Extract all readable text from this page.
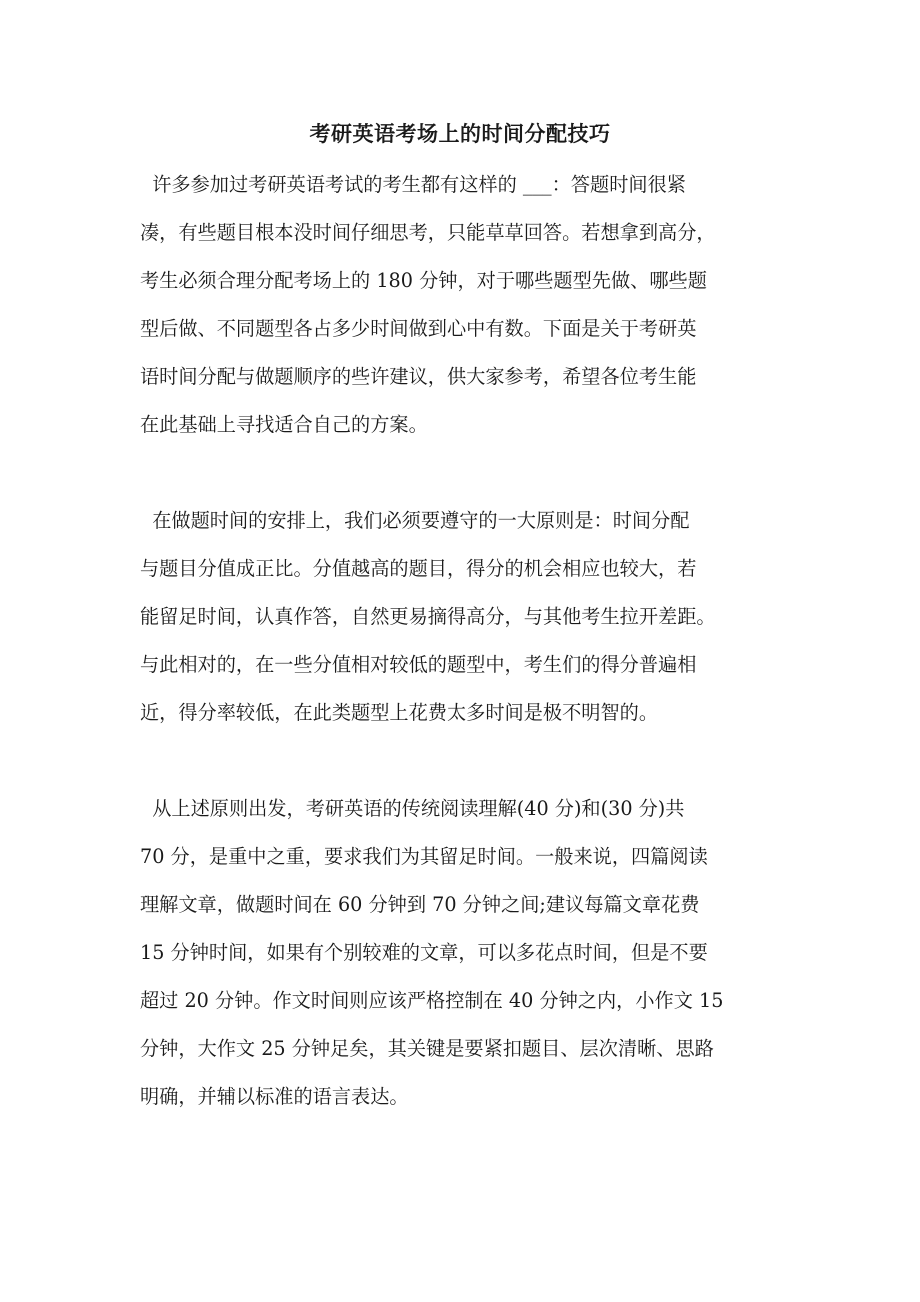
考研英语考场上的时间分配技巧
许多参加过考研英语考试的考生都有这样的 ___：答题时间很紧
凑，有些题目根本没时间仔细思考，只能草草回答。若想拿到高分，
考生必须合理分配考场上的 180 分钟，对于哪些题型先做、哪些题
型后做、不同题型各占多少时间做到心中有数。下面是关于考研英
语时间分配与做题顺序的些许建议，供大家参考，希望各位考生能
在此基础上寻找适合自己的方案。
在做题时间的安排上，我们必须要遵守的一大原则是：时间分配
与题目分值成正比。分值越高的题目，得分的机会相应也较大，若
能留足时间，认真作答，自然更易摘得高分，与其他考生拉开差距。
与此相对的，在一些分值相对较低的题型中，考生们的得分普遍相
近，得分率较低，在此类题型上花费太多时间是极不明智的。
从上述原则出发，考研英语的传统阅读理解(40 分)和(30 分)共
70 分，是重中之重，要求我们为其留足时间。一般来说，四篇阅读
理解文章，做题时间在 60 分钟到 70 分钟之间;建议每篇文章花费
15 分钟时间，如果有个别较难的文章，可以多花点时间，但是不要
超过 20 分钟。作文时间则应该严格控制在 40 分钟之内，小作文 15
分钟，大作文 25 分钟足矣，其关键是要紧扣题目、层次清晰、思路
明确，并辅以标准的语言表达。
